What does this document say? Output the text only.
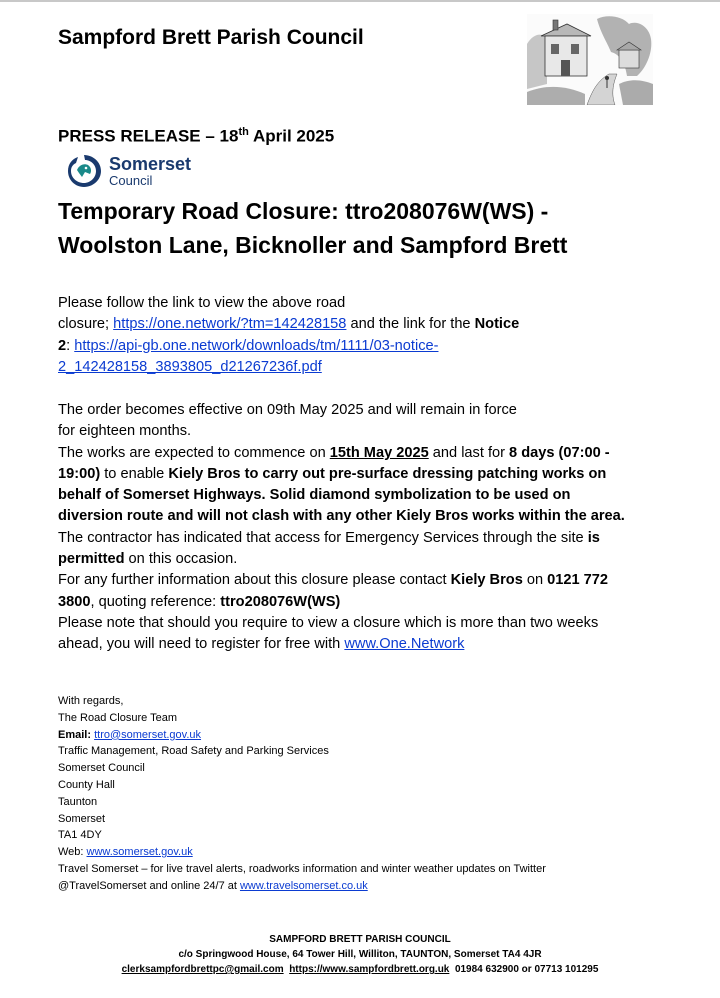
Sampford Brett Parish Council
PRESS RELEASE – 18th April 2025
Somerset
Council
Temporary Road Closure: ttro208076W(WS) -
Woolston Lane, Bicknoller and Sampford Brett
Please follow the link to view the above road
closure; https://one.network/?tm=142428158 and the link for the Notice
2: https://api-gb.one.network/downloads/tm/1111/03-notice-
2_142428158_3893805_d21267236f.pdf
The order becomes effective on 09th May 2025 and will remain in force
for eighteen months.
The works are expected to commence on 15th May 2025 and last for 8 days (07:00 -
19:00) to enable Kiely Bros to carry out pre-surface dressing patching works on
behalf of Somerset Highways. Solid diamond symbolization to be used on
diversion route and will not clash with any other Kiely Bros works within the area.
The contractor has indicated that access for Emergency Services through the site is
permitted on this occasion.
For any further information about this closure please contact Kiely Bros on 0121 772
3800, quoting reference: ttro208076W(WS)
Please note that should you require to view a closure which is more than two weeks
ahead, you will need to register for free with www.One.Network
With regards,
The Road Closure Team
Email: ttro@somerset.gov.uk
Traffic Management, Road Safety and Parking Services
Somerset Council
County Hall
Taunton
Somerset
TA1 4DY
Web: www.somerset.gov.uk
Travel Somerset – for live travel alerts, roadworks information and winter weather updates on Twitter
@TravelSomerset and online 24/7 at www.travelsomerset.co.uk
SAMPFORD BRETT PARISH COUNCIL
c/o Springwood House, 64 Tower Hill, Williton, TAUNTON, Somerset TA4 4JR
clerksampfordbrettpc@gmail.com https://www.sampfordbrett.org.uk 01984 632900 or 07713 101295
